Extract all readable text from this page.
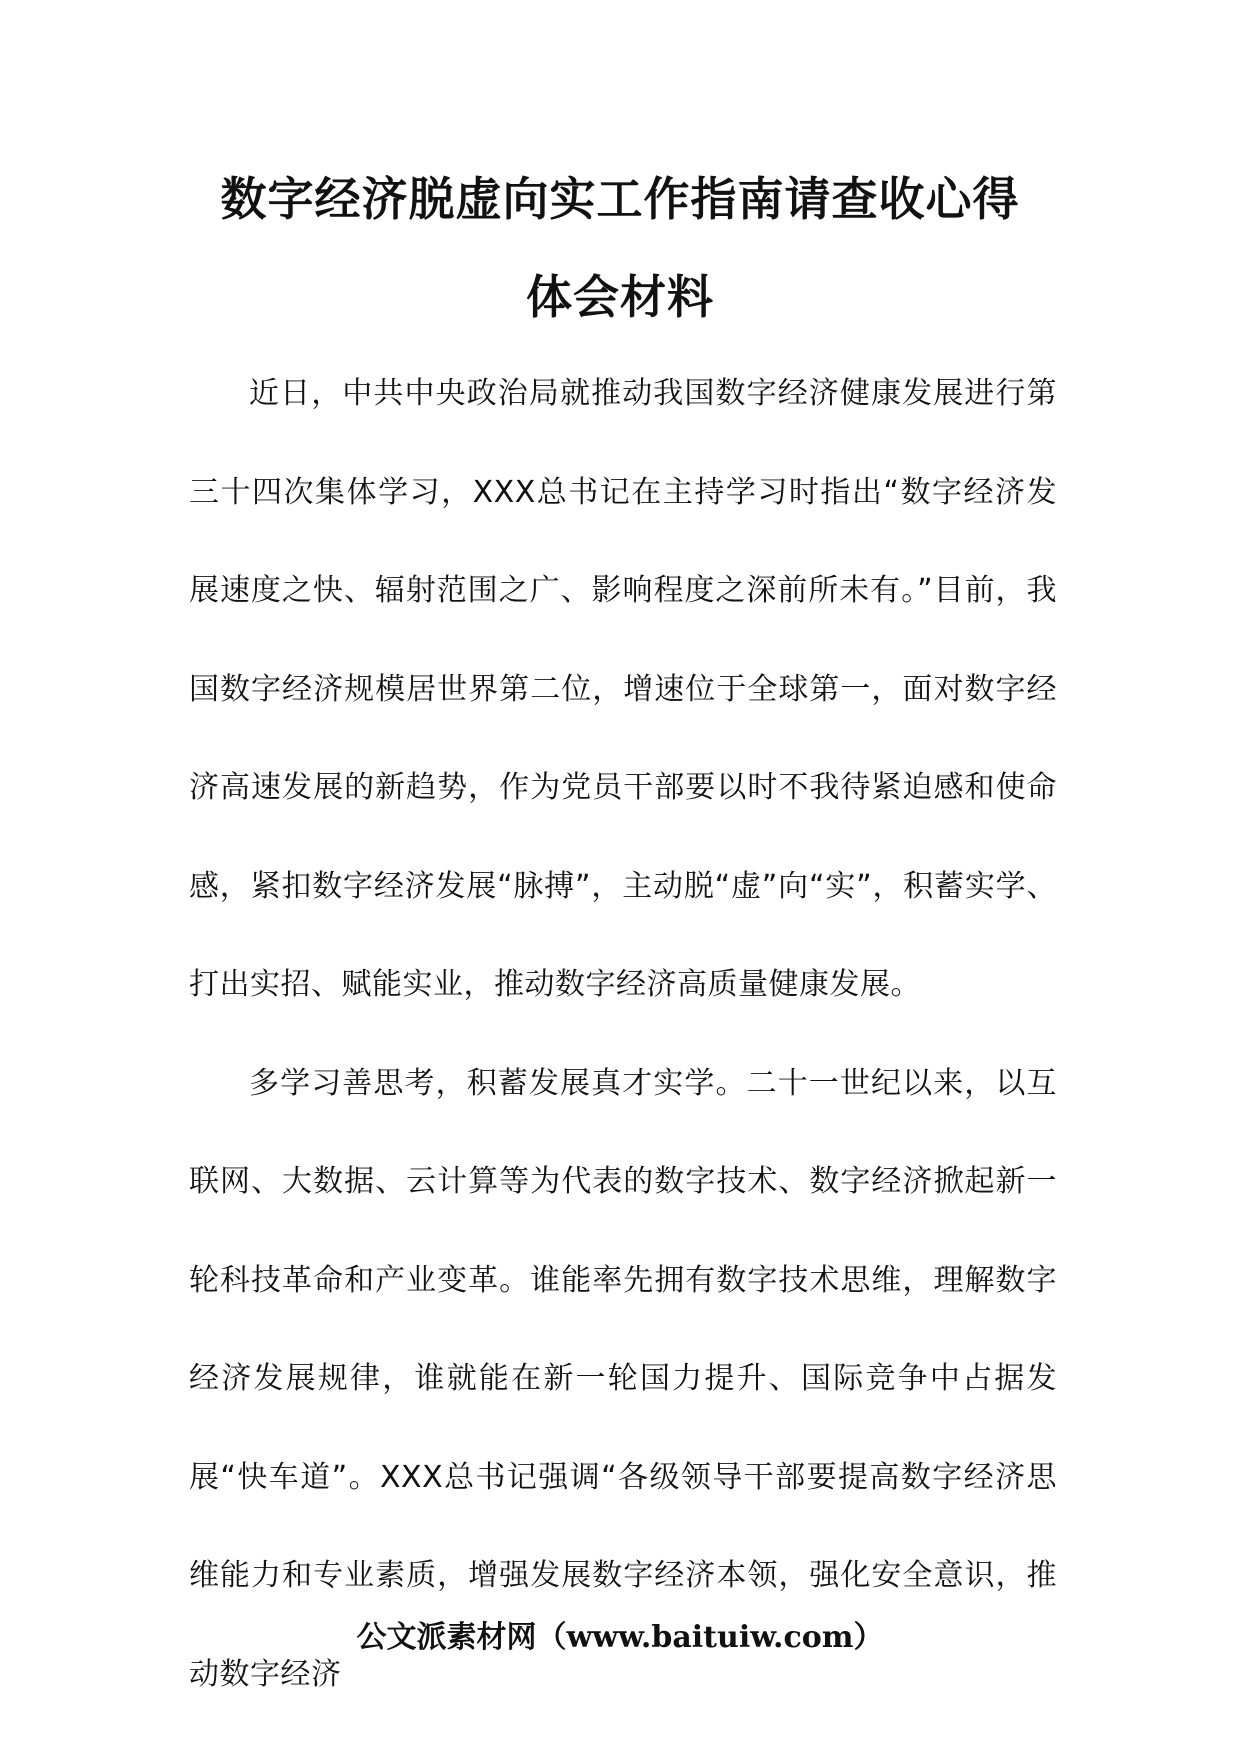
数字经济脱虚向实工作指南请查收心得体会材料

近日，中共中央政治局就推动我国数字经济健康发展进行第三十四次集体学习，XXX总书记在主持学习时指出“数字经济发展速度之快、辐射范围之广、影响程度之深前所未有。”目前，我国数字经济规模居世界第二位，增速位于全球第一，面对数字经济高速发展的新趋势，作为党员干部要以时不我待紧迫感和使命感，紧扣数字经济发展“脉搏”，主动脱“虚”向“实”，积蓄实学、打出实招、赋能实业，推动数字经济高质量健康发展。

多学习善思考，积蓄发展真才实学。二十一世纪以来，以互联网、大数据、云计算等为代表的数字技术、数字经济掀起新一轮科技革命和产业变革。谁能率先拥有数字技术思维，理解数字经济发展规律，谁就能在新一轮国力提升、国际竞争中占据发展“快车道”。XXX总书记强调“各级领导干部要提高数字经济思维能力和专业素质，增强发展数字经济本领，强化安全意识，推动数字经济

公文派素材网（www.baituiw.com）
